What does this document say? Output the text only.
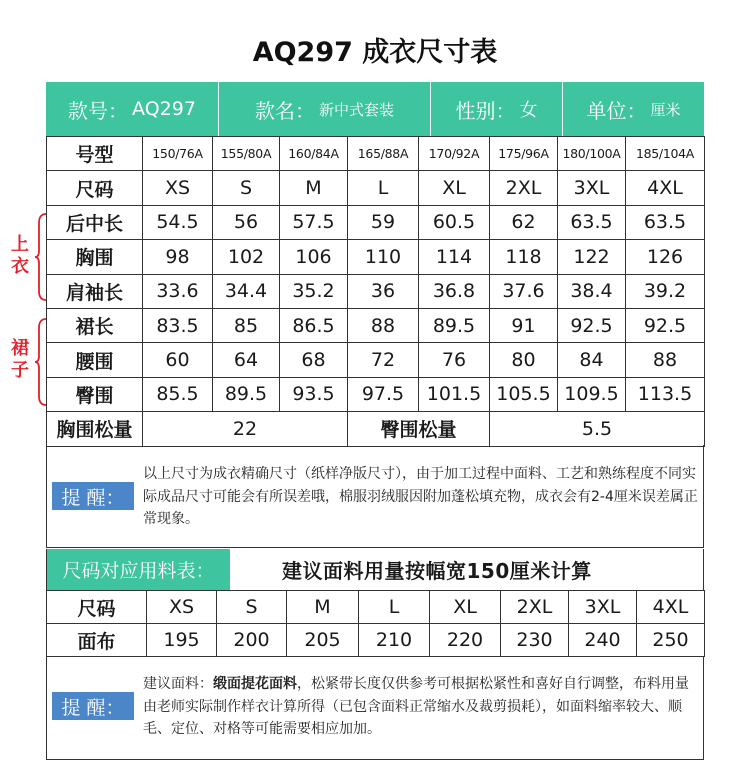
AQ297 成衣尺寸表
款号： AQ297	款名： 新中式套装	性别： 女 单位： 厘米
号型	150/76A	155/80A	160/84A	165/88A	170/92A	175/96A	180/100A	185/104A
尺码	XS	S	M	L	XL	2XL	3XL	4XL
后中长	54.5	56	57.5	59	60.5	62	63.5	63.5
胸围	98	102	106	110	114	118	122	126
肩袖长	33.6	34.4	35.2	36	36.8	37.6	38.4	39.2
裙长	83.5	85	86.5	88	89.5	91	92.5	92.5
腰围	60	64	68	72	76	80	84	88
臀围	85.5	89.5	93.5	97.5	101.5	105.5	109.5	113.5
胸围松量	22			臀围松量		5.5		
上
衣
裙
子
提 醒：
以上尺寸为成衣精确尺寸（纸样净版尺寸），由于加工过程中面料、工艺和熟练程度不同实际成品尺寸可能会有所误差哦，棉服羽绒服因附加蓬松填充物，成衣会有2-4厘米误差属正常现象。
尺码对应用料表：	建议面料用量按幅宽150厘米计算
尺码	XS	S	M	L	XL	2XL	3XL	4XL
面布	195	200	205	210	220	230	240	250
提 醒：
建议面料：缎面提花面料，松紧带长度仅供参考可根据松紧性和喜好自行调整，布料用量由老师实际制作样衣计算所得（已包含面料正常缩水及裁剪损耗），如面料缩率较大、顺毛、定位、对格等可能需要相应加加。
